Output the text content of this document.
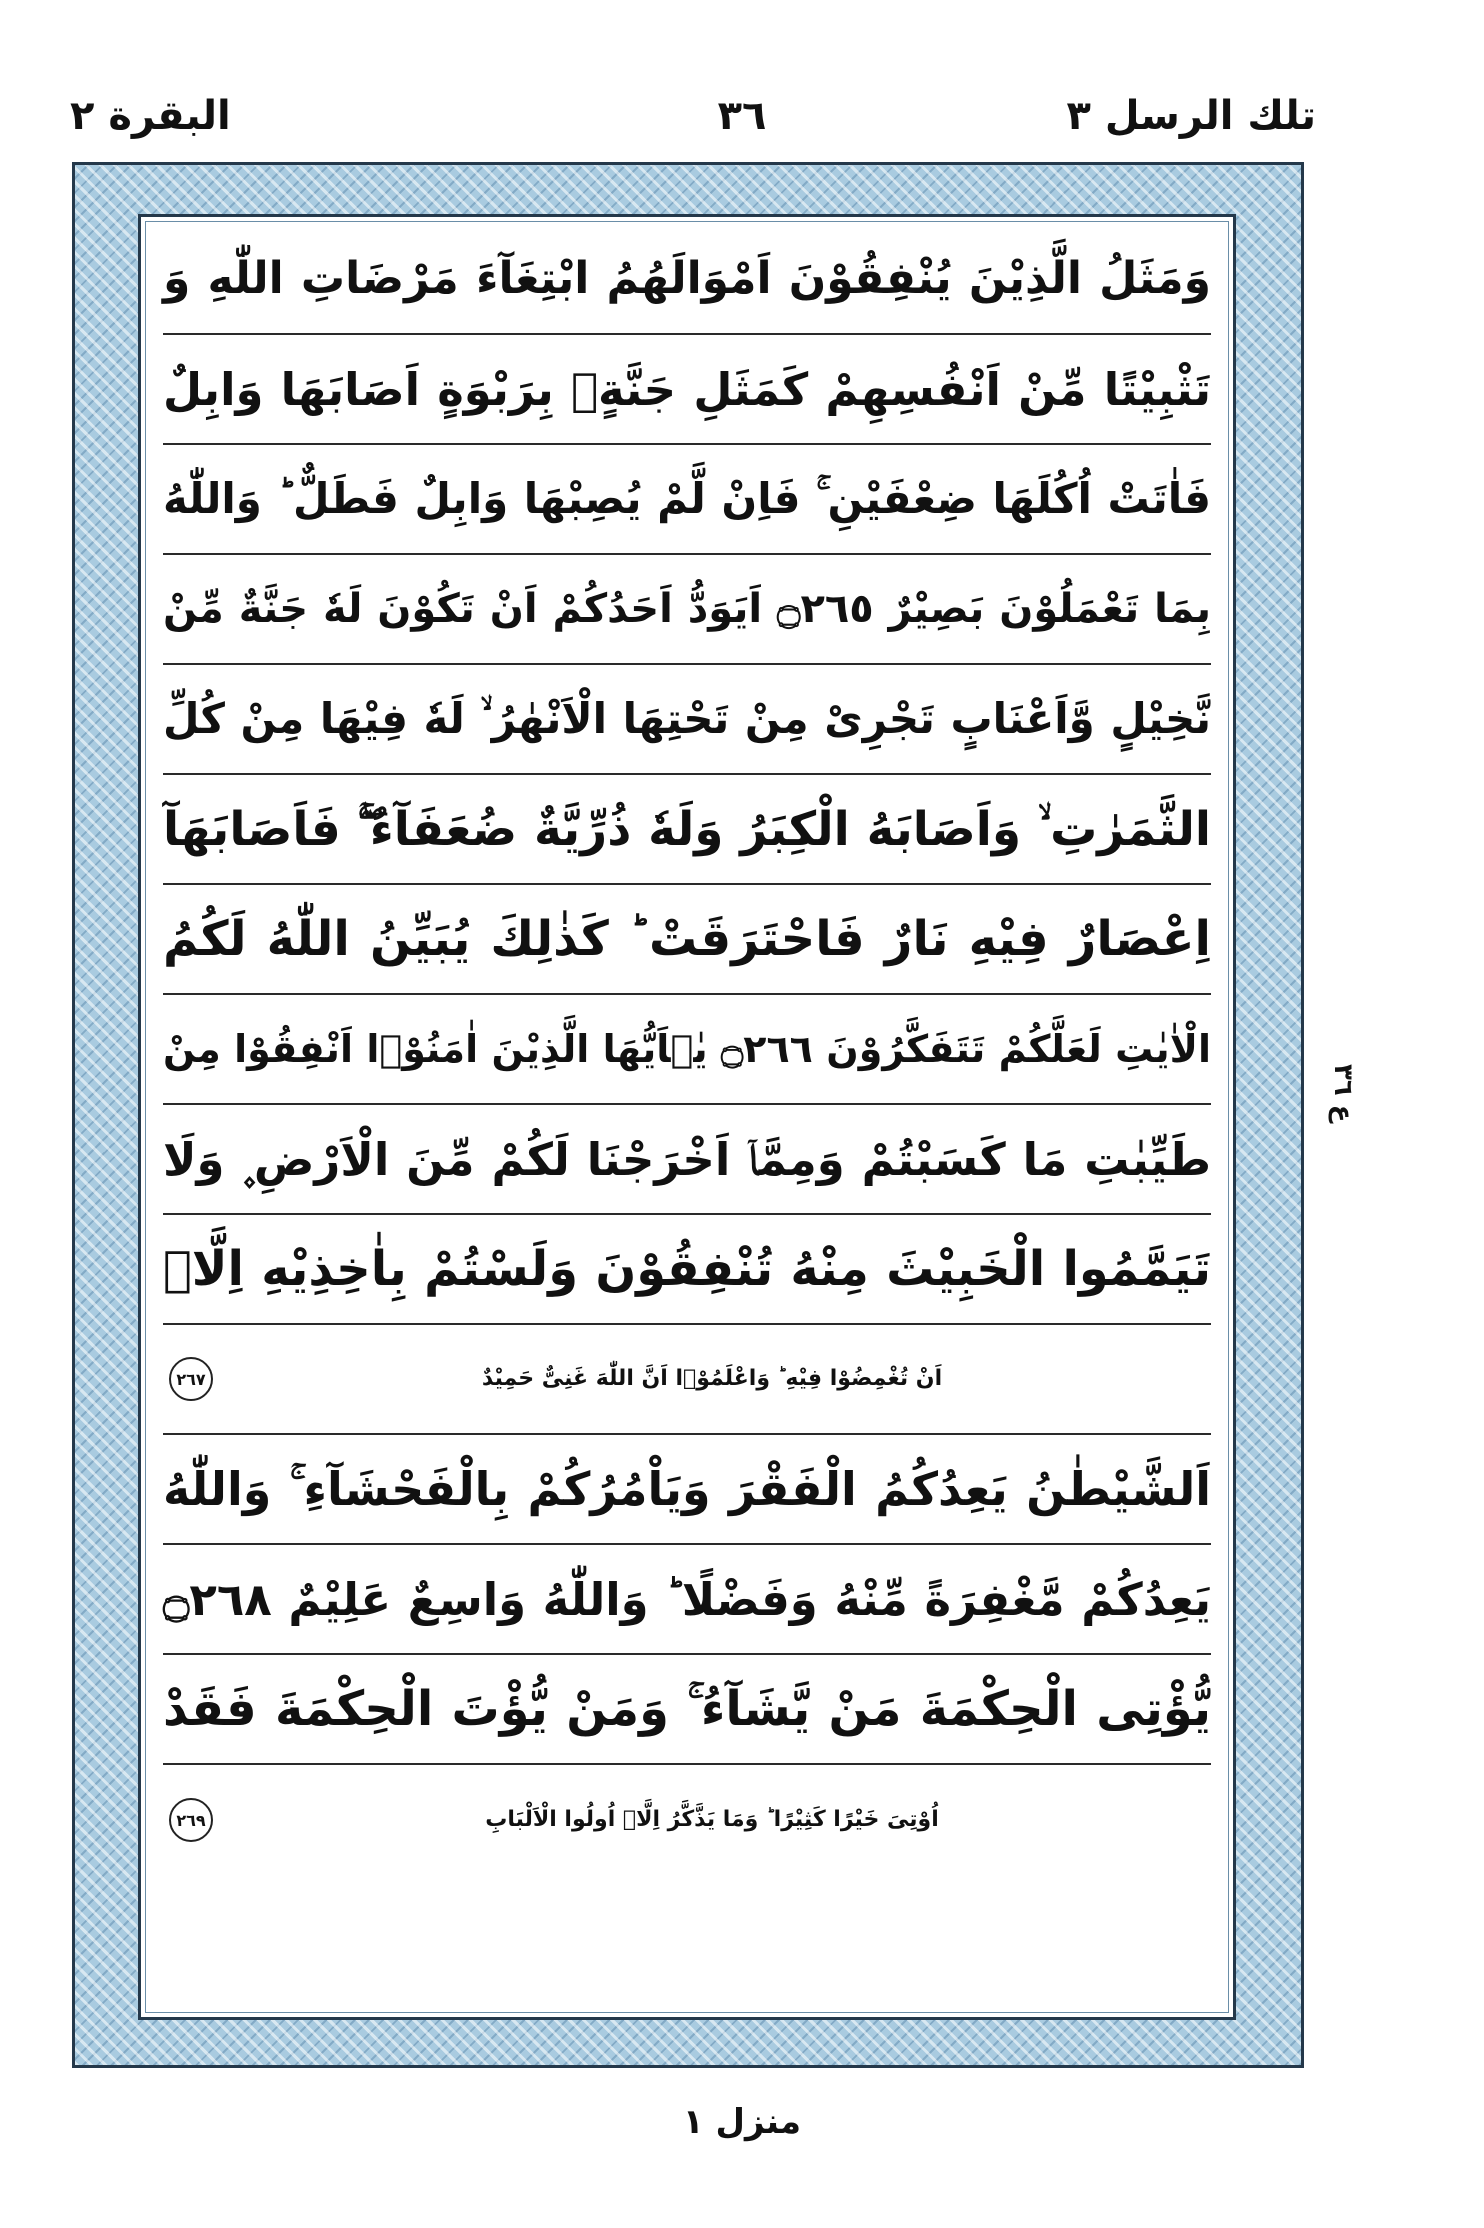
تلك الرسل ٣
٣٦
البقرة ٢
وَمَثَلُ الَّذِيْنَ يُنْفِقُوْنَ اَمْوَالَهُمُ ابْتِغَآءَ مَرْضَاتِ اللّٰهِ وَ
تَثْبِيْتًا مِّنْ اَنْفُسِهِمْ كَمَثَلِ جَنَّةٍۭ بِرَبْوَةٍ اَصَابَهَا وَابِلٌ
فَاٰتَتْ اُكُلَهَا ضِعْفَيْنِ ۚ فَاِنْ لَّمْ يُصِبْهَا وَابِلٌ فَطَلٌّ ؕ وَاللّٰهُ
بِمَا تَعْمَلُوْنَ بَصِيْرٌ ۝٢٦٥ اَيَوَدُّ اَحَدُكُمْ اَنْ تَكُوْنَ لَهٗ جَنَّةٌ مِّنْ
نَّخِيْلٍ وَّاَعْنَابٍ تَجْرِیْ مِنْ تَحْتِهَا الْاَنْهٰرُ ۙ لَهٗ فِيْهَا مِنْ كُلِّ
الثَّمَرٰتِ ۙ وَاَصَابَهُ الْكِبَرُ وَلَهٗ ذُرِّيَّةٌ ضُعَفَآءُ ۖۚ فَاَصَابَهَآ
اِعْصَارٌ فِيْهِ نَارٌ فَاحْتَرَقَتْ ؕ كَذٰلِكَ يُبَيِّنُ اللّٰهُ لَكُمُ
الْاٰيٰتِ لَعَلَّكُمْ تَتَفَكَّرُوْنَ ۝٢٦٦ يٰۤاَيُّهَا الَّذِيْنَ اٰمَنُوْۤا اَنْفِقُوْا مِنْ
طَيِّبٰتِ مَا كَسَبْتُمْ وَمِمَّاۤ اَخْرَجْنَا لَكُمْ مِّنَ الْاَرْضِ ۪ وَلَا
تَيَمَّمُوا الْخَبِيْثَ مِنْهُ تُنْفِقُوْنَ وَلَسْتُمْ بِاٰخِذِيْهِ اِلَّاۤ
اَنْ تُغْمِضُوْا فِيْهِ ؕ وَاعْلَمُوْۤا اَنَّ اللّٰهَ غَنِیٌّ حَمِيْدٌ
٢٦٧
اَلشَّيْطٰنُ يَعِدُكُمُ الْفَقْرَ وَيَاْمُرُكُمْ بِالْفَحْشَآءِ ۚ وَاللّٰهُ
يَعِدُكُمْ مَّغْفِرَةً مِّنْهُ وَفَضْلًا ؕ وَاللّٰهُ وَاسِعٌ عَلِيْمٌ ۝٢٦٨
يُّؤْتِی الْحِكْمَةَ مَنْ يَّشَآءُ ۚ وَمَنْ يُّؤْتَ الْحِكْمَةَ فَقَدْ
اُوْتِیَ خَيْرًا كَثِيْرًا ؕ وَمَا يَذَّكَّرُ اِلَّاۤ اُولُوا الْاَلْبَابِ
٢٦٩
ع ٣٦
منزل ١
